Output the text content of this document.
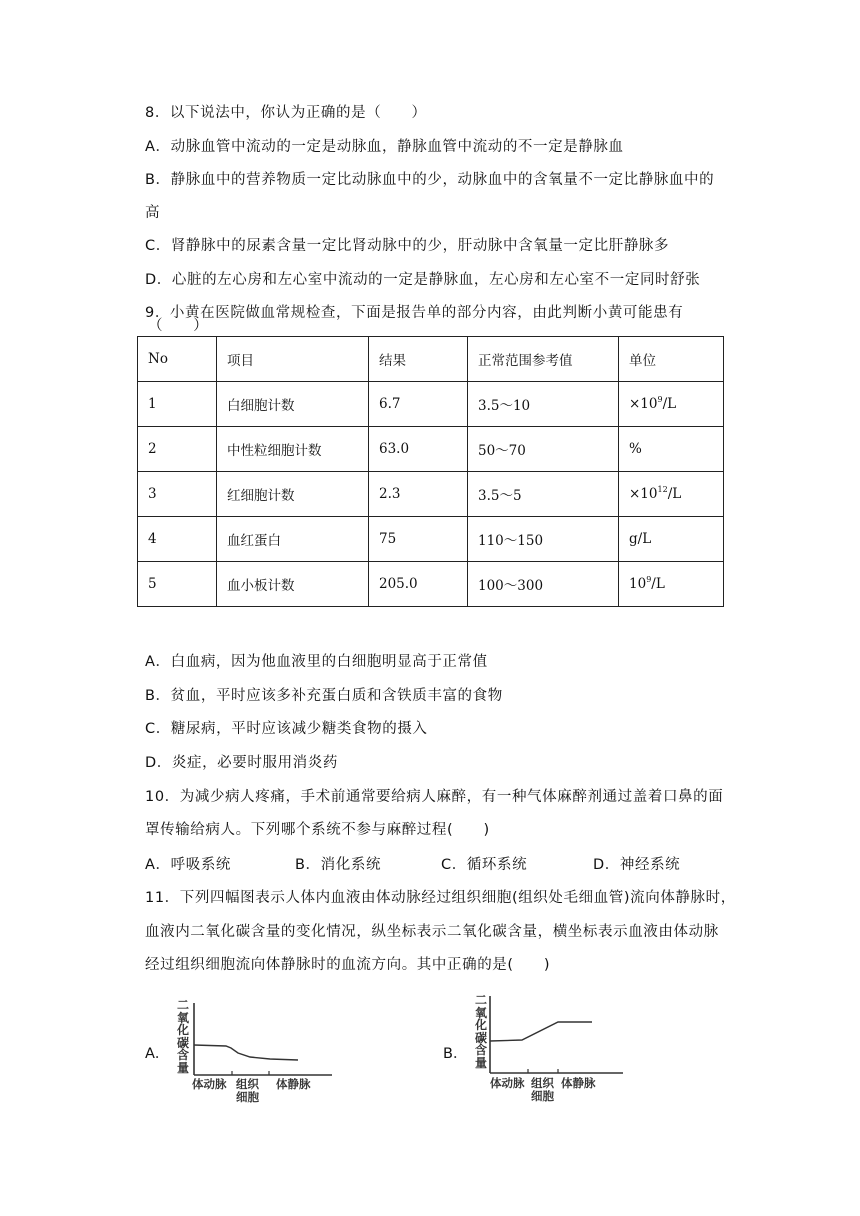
8．以下说法中，你认为正确的是（　　）
A．动脉血管中流动的一定是动脉血，静脉血管中流动的不一定是静脉血
B．静脉血中的营养物质一定比动脉血中的少，动脉血中的含氧量不一定比静脉血中的
高
C．肾静脉中的尿素含量一定比肾动脉中的少，肝动脉中含氧量一定比肝静脉多
D．心脏的左心房和左心室中流动的一定是静脉血，左心房和左心室不一定同时舒张
9．小黄在医院做血常规检查，下面是报告单的部分内容，由此判断小黄可能患有
（　　）
No	项目	结果	正常范围参考值	单位
1	白细胞计数	6.7	3.5～10	$\times 10^9/L$
2	中性粒细胞计数	63.0	50～70	%
3	红细胞计数	2.3	3.5～5	$\times 10^{12}/L$
4	血红蛋白	75	110～150	g/L
5	血小板计数	205.0	100～300	$10^9/L$
A．白血病，因为他血液里的白细胞明显高于正常值
B．贫血，平时应该多补充蛋白质和含铁质丰富的食物
C．糖尿病，平时应该减少糖类食物的摄入
D．炎症，必要时服用消炎药
10．为减少病人疼痛，手术前通常要给病人麻醉，有一种气体麻醉剂通过盖着口鼻的面
罩传输给病人。下列哪个系统不参与麻醉过程(　　)
A．呼吸系统	B．消化系统	C．循环系统	D．神经系统
11．下列四幅图表示人体内血液由体动脉经过组织细胞(组织处毛细血管)流向体静脉时，
血液内二氧化碳含量的变化情况，纵坐标表示二氧化碳含量，横坐标表示血液由体动脉
经过组织细胞流向体静脉时的血流方向。其中正确的是(　　)
A．
二
氧
化
碳
含
量
体动脉 组织
细胞
体静脉
B．
二
氧
化
碳
含
量
体动脉 组织
细胞
体静脉
